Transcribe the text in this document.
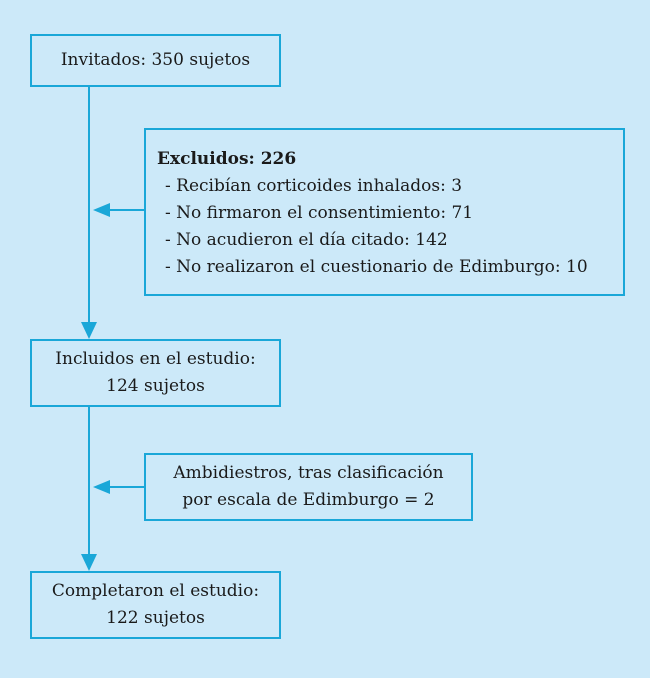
Invitados: 350 sujetos
Excluidos: 226
- Recibían corticoides inhalados: 3
- No firmaron el consentimiento: 71
- No acudieron el día citado: 142
- No realizaron el cuestionario de Edimburgo: 10
Incluidos en el estudio:
124 sujetos
Ambidiestros, tras clasificación
por escala de Edimburgo = 2
Completaron el estudio:
122 sujetos
